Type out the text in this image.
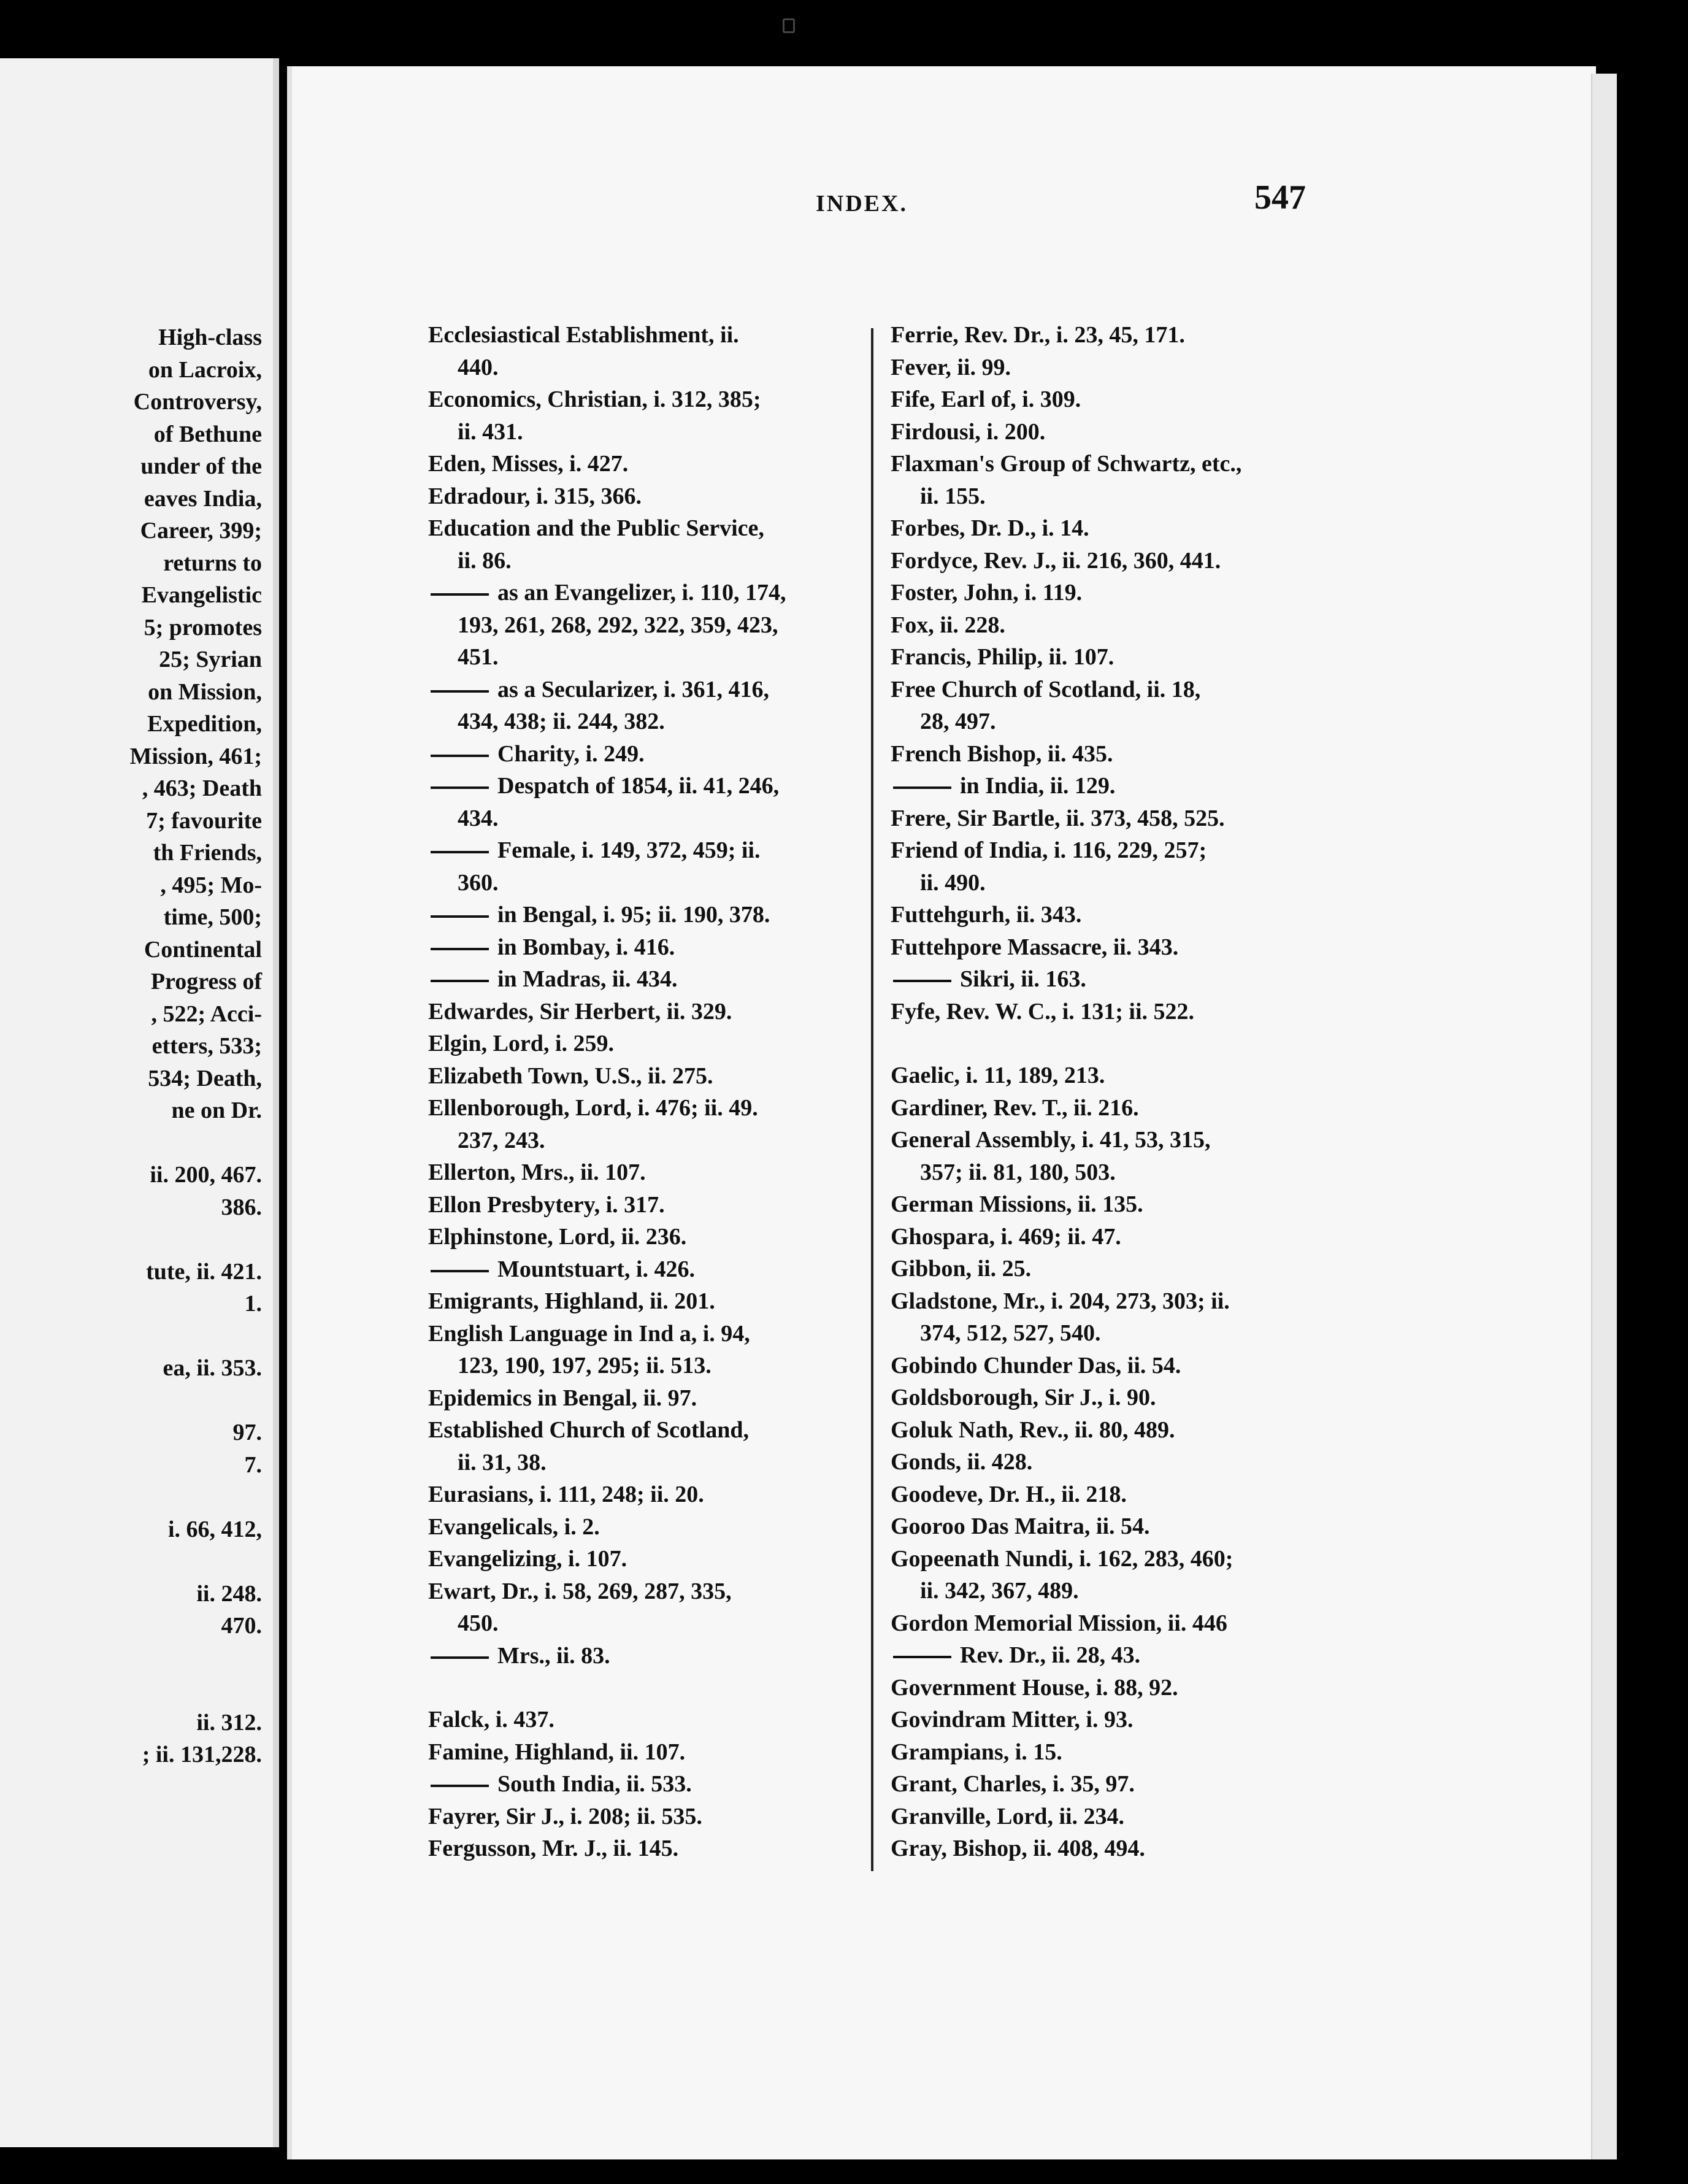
High-class
on Lacroix,
Controversy,
of Bethune
under of the
eaves India,
Career, 399;
returns to
Evangelistic
5; promotes
25; Syrian
on Mission,
Expedition,
Mission, 461;
, 463; Death
7; favourite
th Friends,
, 495; Mo-
time, 500;
Continental
Progress of
, 522; Acci-
etters, 533;
534; Death,
ne on Dr.
ii. 200, 467.
386.
tute, ii. 421.
1.
ea, ii. 353.
97.
7.
i. 66, 412,
ii. 248.
470.
ii. 312.
; ii. 131,228.
INDEX.	547
Ecclesiastical Establishment, ii.
440.
Economics, Christian, i. 312, 385;
ii. 431.
Eden, Misses, i. 427.
Edradour, i. 315, 366.
Education and the Public Service,
ii. 86.
as an Evangelizer, i. 110, 174,
193, 261, 268, 292, 322, 359, 423,
451.
as a Secularizer, i. 361, 416,
434, 438; ii. 244, 382.
Charity, i. 249.
Despatch of 1854, ii. 41, 246,
434.
Female, i. 149, 372, 459; ii.
360.
in Bengal, i. 95; ii. 190, 378.
in Bombay, i. 416.
in Madras, ii. 434.
Edwardes, Sir Herbert, ii. 329.
Elgin, Lord, i. 259.
Elizabeth Town, U.S., ii. 275.
Ellenborough, Lord, i. 476; ii. 49.
237, 243.
Ellerton, Mrs., ii. 107.
Ellon Presbytery, i. 317.
Elphinstone, Lord, ii. 236.
Mountstuart, i. 426.
Emigrants, Highland, ii. 201.
English Language in Ind a, i. 94,
123, 190, 197, 295; ii. 513.
Epidemics in Bengal, ii. 97.
Established Church of Scotland,
ii. 31, 38.
Eurasians, i. 111, 248; ii. 20.
Evangelicals, i. 2.
Evangelizing, i. 107.
Ewart, Dr., i. 58, 269, 287, 335,
450.
Mrs., ii. 83.
Falck, i. 437.
Famine, Highland, ii. 107.
South India, ii. 533.
Fayrer, Sir J., i. 208; ii. 535.
Fergusson, Mr. J., ii. 145.
Ferrie, Rev. Dr., i. 23, 45, 171.
Fever, ii. 99.
Fife, Earl of, i. 309.
Firdousi, i. 200.
Flaxman's Group of Schwartz, etc.,
ii. 155.
Forbes, Dr. D., i. 14.
Fordyce, Rev. J., ii. 216, 360, 441.
Foster, John, i. 119.
Fox, ii. 228.
Francis, Philip, ii. 107.
Free Church of Scotland, ii. 18,
28, 497.
French Bishop, ii. 435.
in India, ii. 129.
Frere, Sir Bartle, ii. 373, 458, 525.
Friend of India, i. 116, 229, 257;
ii. 490.
Futtehgurh, ii. 343.
Futtehpore Massacre, ii. 343.
Sikri, ii. 163.
Fyfe, Rev. W. C., i. 131; ii. 522.
Gaelic, i. 11, 189, 213.
Gardiner, Rev. T., ii. 216.
General Assembly, i. 41, 53, 315,
357; ii. 81, 180, 503.
German Missions, ii. 135.
Ghospara, i. 469; ii. 47.
Gibbon, ii. 25.
Gladstone, Mr., i. 204, 273, 303; ii.
374, 512, 527, 540.
Gobindo Chunder Das, ii. 54.
Goldsborough, Sir J., i. 90.
Goluk Nath, Rev., ii. 80, 489.
Gonds, ii. 428.
Goodeve, Dr. H., ii. 218.
Gooroo Das Maitra, ii. 54.
Gopeenath Nundi, i. 162, 283, 460;
ii. 342, 367, 489.
Gordon Memorial Mission, ii. 446
Rev. Dr., ii. 28, 43.
Government House, i. 88, 92.
Govindram Mitter, i. 93.
Grampians, i. 15.
Grant, Charles, i. 35, 97.
Granville, Lord, ii. 234.
Gray, Bishop, ii. 408, 494.
